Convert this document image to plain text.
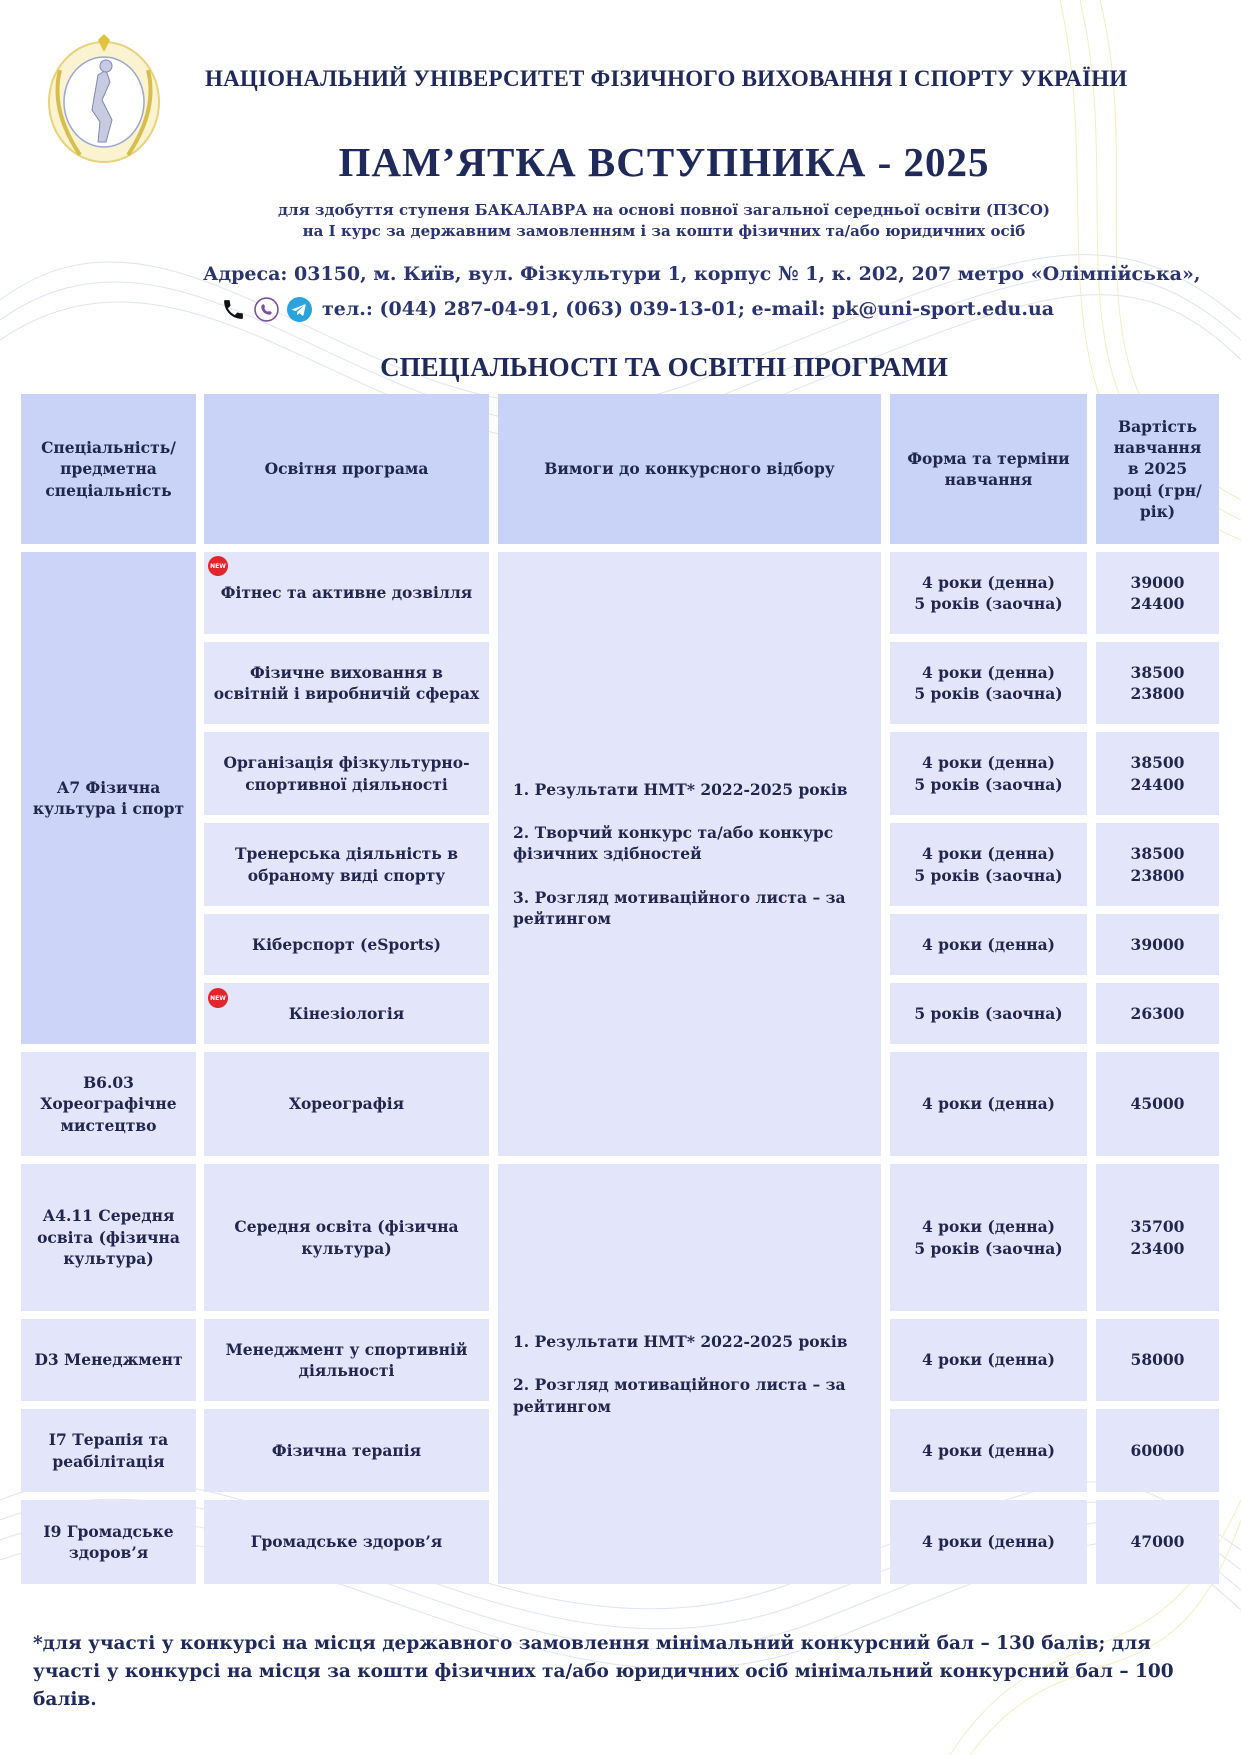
НАЦІОНАЛЬНИЙ УНІВЕРСИТЕТ ФІЗИЧНОГО ВИХОВАННЯ І СПОРТУ УКРАЇНИ
ПАМ’ЯТКА ВСТУПНИКА - 2025
для здобуття ступеня БАКАЛАВРА на основі повної загальної середньої освіти (ПЗСО)
на І курс за державним замовленням і за кошти фізичних та/або юридичних осіб
Адреса: 03150, м. Київ, вул. Фізкультури 1, корпус № 1, к. 202, 207 метро «Олімпійська»,
тел.: (044) 287-04-91, (063) 039-13-01; e-mail: pk@uni-sport.edu.ua
СПЕЦІАЛЬНОСТІ ТА ОСВІТНІ ПРОГРАМИ
Спеціальність/ предметна спеціальність
Освітня програма	Вимоги до конкурсного відбору
Форма та терміни навчання
Вартість навчання в 2025 році (грн/рік)
А7 Фізична культура і спорт
В6.03 Хореографічне мистецтво
А4.11 Середня освіта (фізична культура)
D3 Менеджмент
I7 Терапія та реабілітація
I9 Громадське здоров’я
Фітнес та активне дозвілля
NEW
Фізичне виховання в освітній і виробничій сферах
Організація фізкультурно-спортивної діяльності
Тренерська діяльність в обраному виді спорту
Кіберспорт (eSports)
Кінезіологія
NEW
Хореографія
Середня освіта (фізична культура)
Менеджмент у спортивній діяльності
Фізична терапія
Громадське здоров’я
1. Результати НМТ* 2022-2025 років
2. Творчий конкурс та/або конкурс фізичних здібностей
3. Розгляд мотиваційного листа – за рейтингом
1. Результати НМТ* 2022-2025 років
2. Розгляд мотиваційного листа – за рейтингом
4 роки (денна)
5 років (заочна)
4 роки (денна)
5 років (заочна)
4 роки (денна)
5 років (заочна)
4 роки (денна)
5 років (заочна)
4 роки (денна)
5 років (заочна)
4 роки (денна)
4 роки (денна)
5 років (заочна)
4 роки (денна)
4 роки (денна)
4 роки (денна)
39000
24400
38500
23800
38500
24400
38500
23800
39000
26300
45000
35700
23400
58000
60000
47000
*для участі у конкурсі на місця державного замовлення мінімальний конкурсний бал – 130 балів; для участі у конкурсі на місця за кошти фізичних та/або юридичних осіб мінімальний конкурсний бал – 100 балів.
